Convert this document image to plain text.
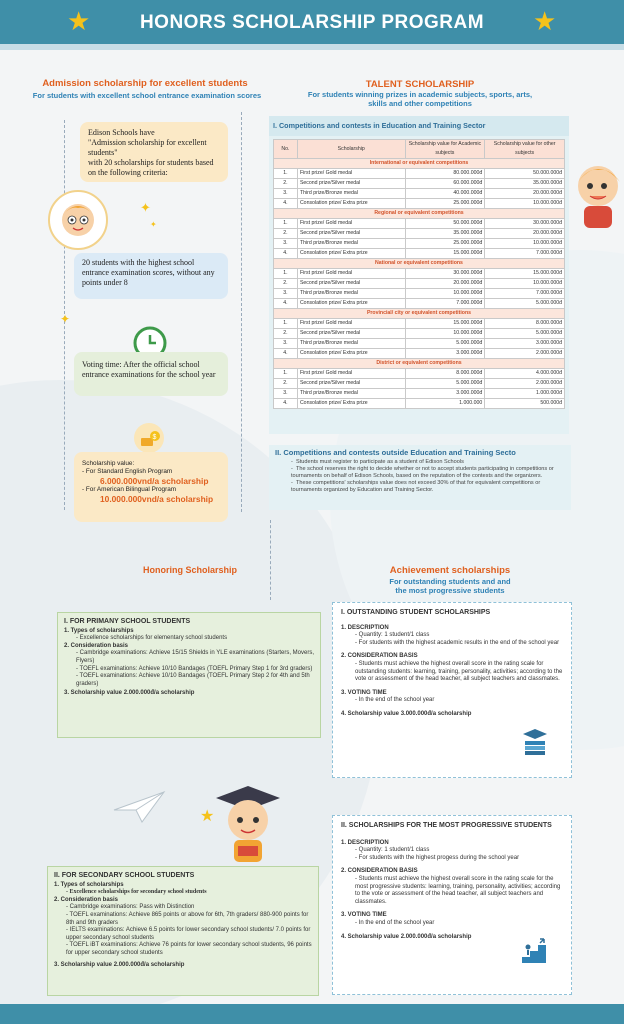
HONORS SCHOLARSHIP PROGRAM
★	★
Admission scholarship for excellent students
For students with excellent school entrance examination scores
Edison Schools have
"Admission scholarship for excellent students"
with 20 scholarships for students based on the following criteria:
✦
✦
✦
20 students with the highest school entrance examination scores, without any points under 8
Voting time: After the official school entrance examinations for the school year
$
Scholarship value:
- For Standard English Program
6.000.000vnd/a scholarship
- For American Bilingual Program
10.000.000vnd/a scholarship
TALENT SCHOLARSHIP
For students winning prizes in academic subjects, sports, arts, skills and other competitions
I. Competitions and contests in Education and Training Sector
No.	Scholarship	Scholarship value for Academic subjects	Scholarship value for other subjects
International or equivalent competitions			
1.	First prize/ Gold medal	80.000.000đ	50.000.000đ
2.	Second prize/Silver medal	60.000.000đ	35.000.000đ
3.	Third prize/Bronze medal	40.000.000đ	20.000.000đ
4.	Consolation prize/ Extra prize	25.000.000đ	10.000.000đ
Regional or equivalent competitions			
1.	First prize/ Gold medal	50.000.000đ	30.000.000đ
2.	Second prize/Silver medal	35.000.000đ	20.000.000đ
3.	Third prize/Bronze medal	25.000.000đ	10.000.000đ
4.	Consolation prize/ Extra prize	15.000.000đ	7.000.000đ
National or equivalent competitions			
1.	First prize/ Gold medal	30.000.000đ	15.000.000đ
2.	Second prize/Silver medal	20.000.000đ	10.000.000đ
3.	Third prize/Bronze medal	10.000.000đ	7.000.000đ
4.	Consolation prize/ Extra prize	7.000.000đ	5.000.000đ
Provincial/ city or equivalent competitions			
1.	First prize/ Gold medal	15.000.000đ	8.000.000đ
2.	Second prize/Silver medal	10.000.000đ	5.000.000đ
3.	Third prize/Bronze medal	5.000.000đ	3.000.000đ
4.	Consolation prize/ Extra prize	3.000.000đ	2.000.000đ
District or equivalent competitions			
1.	First prize/ Gold medal	8.000.000đ	4.000.000đ
2.	Second prize/Silver medal	5.000.000đ	2.000.000đ
3.	Third prize/Bronze medal	3.000.000đ	1.000.000đ
4.	Consolation prize/ Extra prize	1.000.000	500.000đ
II. Competitions and contests outside Education and Training Secto
-  Students must register to participate as a student of Edison Schools
-  The school reserves the right to decide whether or not to accept students participating in competitions or tournaments on behalf of Edison Schools, based on the reputation of the contests and the organizers.
-  These competitions' scholarships value does not exceed 30% of that for equivalent competitions or tournaments organized by Education and Training Sector.
Honoring Scholarship
I. FOR PRIMANY SCHOOL STUDENTS
1. Types of scholarships
- Excellence scholarships for elementary school students
2. Consideration basis
- Cambridge examinations: Achieve 15/15 Shields in YLE examinations (Starters, Movers, Flyers)
- TOEFL examinations: Achieve 10/10 Bandages (TOEFL Primary Step 1 for 3rd graders)
- TOEFL examinations: Achieve 10/10 Bandages (TOEFL Primary Step 2 for 4th and 5th graders)
3. Scholarship value 2.000.000đ/a scholarship
★
II. FOR SECONDARY SCHOOL STUDENTS
1. Types of scholarships
- Excellence scholarships for secondary school students
2. Consideration basis
- Cambridge examinations: Pass with Distinction
- TOEFL examinations: Achieve 865 points or above for 6th, 7th graders/ 880-900 points for 8th and 9th graders
- IELTS examinations: Achieve 6.5 points for lower secondary school students/ 7.0 points for upper secondary school students
- TOEFL iBT examinations: Achieve 76 points for lower secondary school students, 96 points for upper secondary school students
3. Scholarship value 2.000.000đ/a scholarship
Achievement scholarships
For outstanding students and and the most progressive students
I. OUTSTANDING STUDENT SCHOLARSHIPS
1. DESCRIPTION
- Quantity: 1 student/1 class
- For students with the highest academic results in the end of the school year
2. CONSIDERATION BASIS
- Students must achieve the highest overall score in the rating scale for outstanding students: learning, training, personality, activities; according to the vote or assessment of the head teacher, all subject teachers and classmates.
3. VOTING TIME
- In the end of the school year
4. Scholarship value 3.000.000đ/a scholarship
II. SCHOLARSHIPS FOR THE MOST PROGRESSIVE STUDENTS
1. DESCRIPTION
- Quantity: 1 student/1 class
- For students with the highest progess during the school year
2. CONSIDERATION BASIS
- Students must achieve the highest overall score in the rating scale for the most progressive students: learning, training, personality, activities; according to the vote or assessment of the head teacher, all subject teachers and classmates.
3. VOTING TIME
- In the end of the school year
4. Scholarship value 2.000.000đ/a scholarship
